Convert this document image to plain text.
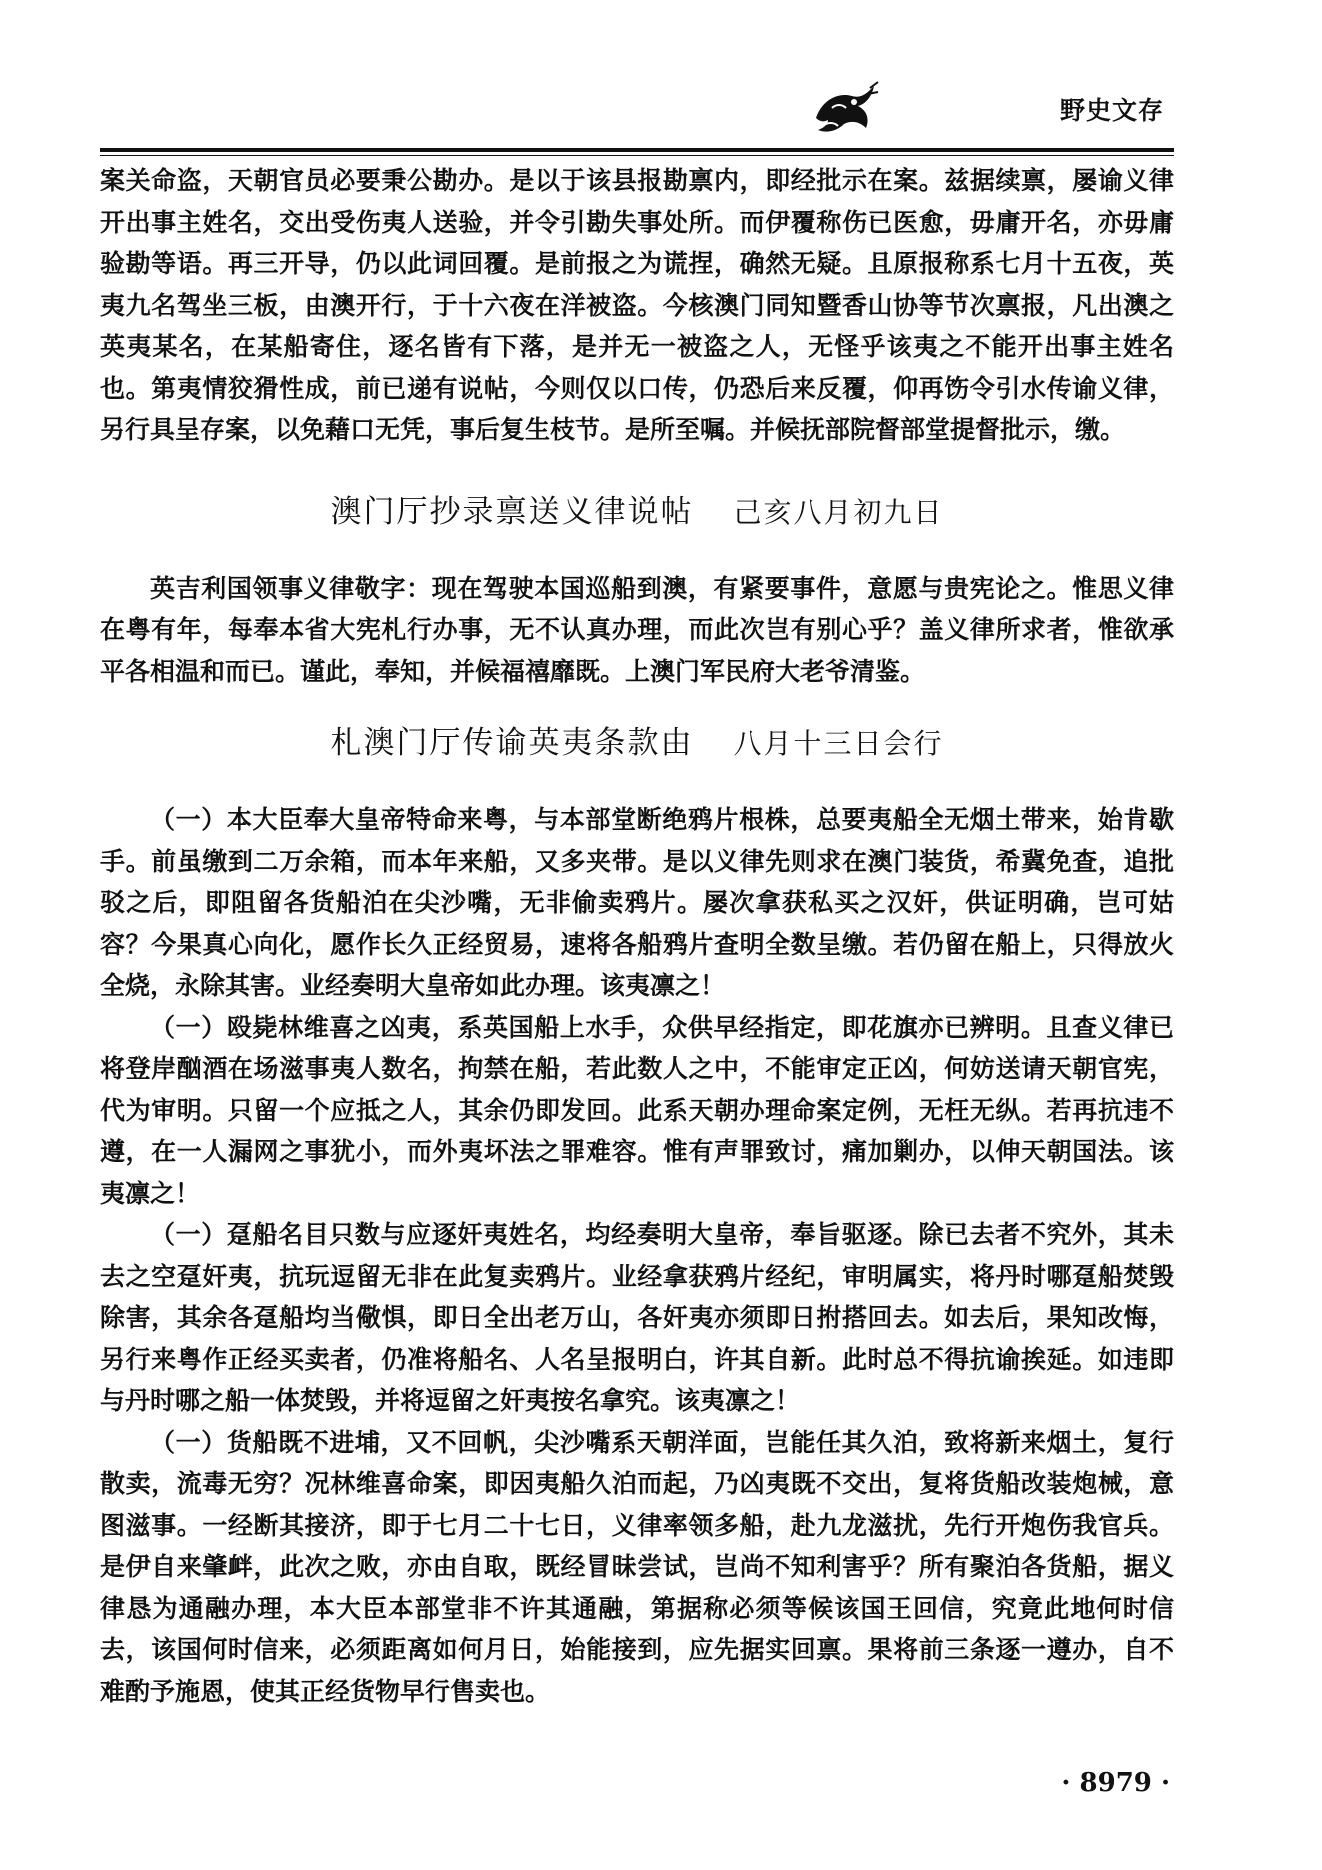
野史文存

案关命盗，天朝官员必要秉公勘办。是以于该县报勘禀内，即经批示在案。兹据续禀，屡谕义律开出事主姓名，交出受伤夷人送验，并令引勘失事处所。而伊覆称伤已医愈，毋庸开名，亦毋庸验勘等语。再三开导，仍以此词回覆。是前报之为谎捏，确然无疑。且原报称系七月十五夜，英夷九名驾坐三板，由澳开行，于十六夜在洋被盗。今核澳门同知暨香山协等节次禀报，凡出澳之英夷某名，在某船寄住，逐名皆有下落，是并无一被盗之人，无怪乎该夷之不能开出事主姓名也。第夷情狡猾性成，前已递有说帖，今则仅以口传，仍恐后来反覆，仰再饬令引水传谕义律，另行具呈存案，以免藉口无凭，事后复生枝节。是所至嘱。并候抚部院督部堂提督批示，缴。

澳门厅抄录禀送义律说帖 己亥八月初九日

英吉利国领事义律敬字：现在驾驶本国巡船到澳，有紧要事件，意愿与贵宪论之。惟思义律在粤有年，每奉本省大宪札行办事，无不认真办理，而此次岂有别心乎？盖义律所求者，惟欲承平各相温和而已。谨此，奉知，并候福禧靡既。上澳门军民府大老爷清鉴。

札澳门厅传谕英夷条款由 八月十三日会行

（一）本大臣奉大皇帝特命来粤，与本部堂断绝鸦片根株，总要夷船全无烟土带来，始肯歇手。前虽缴到二万余箱，而本年来船，又多夹带。是以义律先则求在澳门装货，希冀免查，追批驳之后，即阻留各货船泊在尖沙嘴，无非偷卖鸦片。屡次拿获私买之汉奸，供证明确，岂可姑容？今果真心向化，愿作长久正经贸易，速将各船鸦片查明全数呈缴。若仍留在船上，只得放火全烧，永除其害。业经奏明大皇帝如此办理。该夷凛之！

（一）殴毙林维喜之凶夷，系英国船上水手，众供早经指定，即花旗亦已辨明。且查义律已将登岸酗酒在场滋事夷人数名，拘禁在船，若此数人之中，不能审定正凶，何妨送请天朝官宪，代为审明。只留一个应抵之人，其余仍即发回。此系天朝办理命案定例，无枉无纵。若再抗违不遵，在一人漏网之事犹小，而外夷坏法之罪难容。惟有声罪致讨，痛加剿办，以伸天朝国法。该夷凛之！

（一）趸船名目只数与应逐奸夷姓名，均经奏明大皇帝，奉旨驱逐。除已去者不究外，其未去之空趸奸夷，抗玩逗留无非在此复卖鸦片。业经拿获鸦片经纪，审明属实，将丹时哪趸船焚毁除害，其余各趸船均当儆惧，即日全出老万山，各奸夷亦须即日拊搭回去。如去后，果知改悔，另行来粤作正经买卖者，仍准将船名、人名呈报明白，许其自新。此时总不得抗谕挨延。如违即与丹时哪之船一体焚毁，并将逗留之奸夷按名拿究。该夷凛之！

（一）货船既不进埔，又不回帆，尖沙嘴系天朝洋面，岂能任其久泊，致将新来烟土，复行散卖，流毒无穷？况林维喜命案，即因夷船久泊而起，乃凶夷既不交出，复将货船改装炮械，意图滋事。一经断其接济，即于七月二十七日，义律率领多船，赴九龙滋扰，先行开炮伤我官兵。是伊自来肇衅，此次之败，亦由自取，既经冒昧尝试，岂尚不知利害乎？所有聚泊各货船，据义律恳为通融办理，本大臣本部堂非不许其通融，第据称必须等候该国王回信，究竟此地何时信去，该国何时信来，必须距离如何月日，始能接到，应先据实回禀。果将前三条逐一遵办，自不难酌予施恩，使其正经货物早行售卖也。

· 8979 ·
